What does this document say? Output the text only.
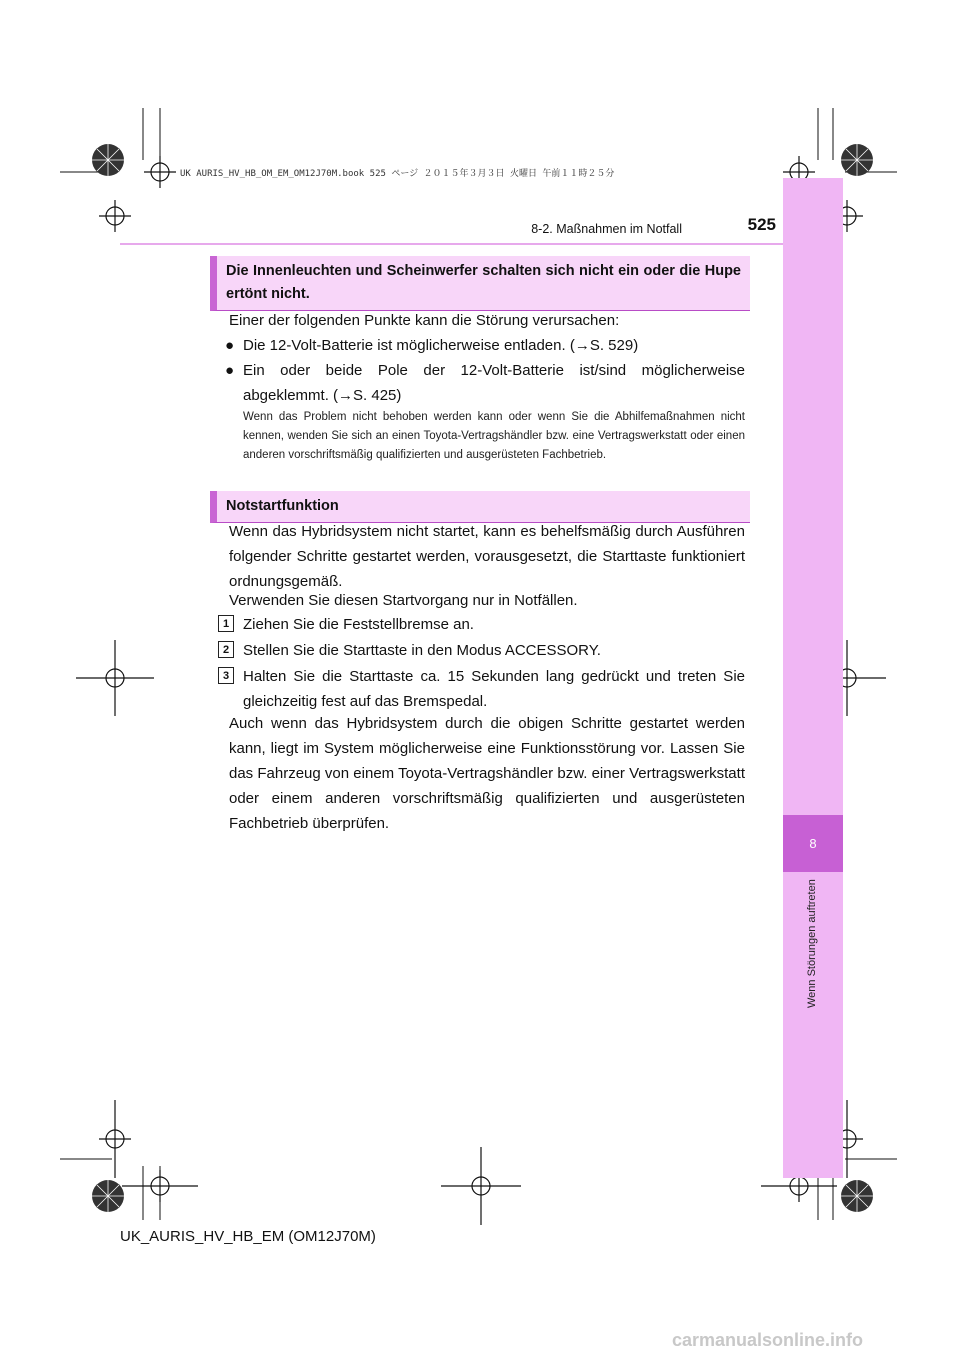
UK AURIS_HV_HB_OM_EM_OM12J70M.book 525 ページ ２０１５年３月３日 火曜日 午前１１時２５分
8
Wenn Störungen auftreten
8-2. Maßnahmen im Notfall	525
Die Innenleuchten und Scheinwerfer schalten sich nicht ein oder die Hupe ertönt nicht.
Einer der folgenden Punkte kann die Störung verursachen:
● Die 12-Volt-Batterie ist möglicherweise entladen. (→S. 529)
● Ein oder beide Pole der 12-Volt-Batterie ist/sind möglicherweise abgeklemmt. (→S. 425)
Wenn das Problem nicht behoben werden kann oder wenn Sie die Abhilfemaßnahmen nicht kennen, wenden Sie sich an einen Toyota-Vertragshändler bzw. eine Vertragswerkstatt oder einen anderen vorschriftsmäßig qualifizierten und ausgerüsteten Fachbetrieb.
Notstartfunktion
Wenn das Hybridsystem nicht startet, kann es behelfsmäßig durch Ausführen folgender Schritte gestartet werden, vorausgesetzt, die Starttaste funktioniert ordnungsgemäß.
Verwenden Sie diesen Startvorgang nur in Notfällen.
1 Ziehen Sie die Feststellbremse an.
2 Stellen Sie die Starttaste in den Modus ACCESSORY.
3 Halten Sie die Starttaste ca. 15 Sekunden lang gedrückt und treten Sie gleichzeitig fest auf das Bremspedal.
Auch wenn das Hybridsystem durch die obigen Schritte gestartet werden kann, liegt im System möglicherweise eine Funktionsstörung vor. Lassen Sie das Fahrzeug von einem Toyota-Vertragshändler bzw. einer Vertragswerkstatt oder einem anderen vorschriftsmäßig qualifizierten und ausgerüsteten Fachbetrieb überprüfen.
UK_AURIS_HV_HB_EM (OM12J70M)
carmanualsonline.info
